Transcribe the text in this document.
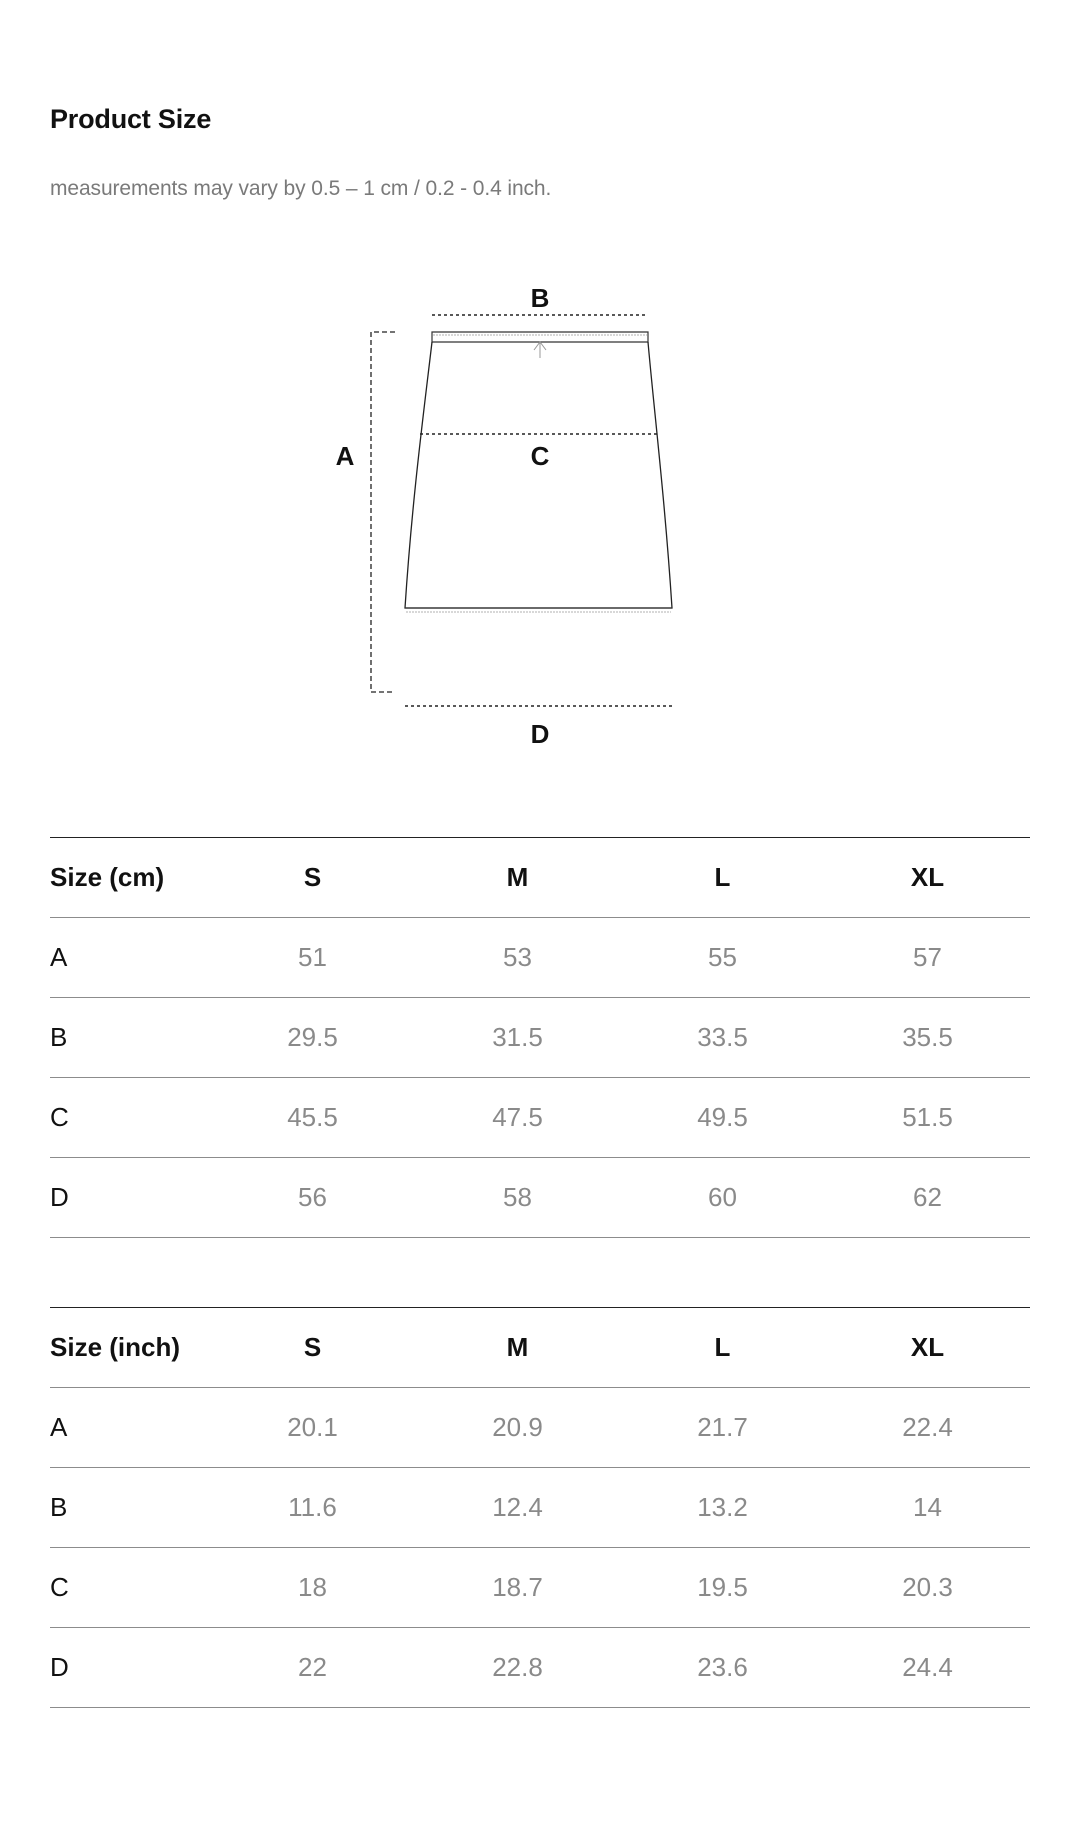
Product Size

measurements may vary by 0.5 – 1 cm / 0.2 - 0.4 inch.

B
C
A
D
Size (cm)	S	M	L	XL
A	51	53	55	57
B	29.5	31.5	33.5	35.5
C	45.5	47.5	49.5	51.5
D	56	58	60	62
Size (inch)	S	M	L	XL
A	20.1	20.9	21.7	22.4
B	11.6	12.4	13.2	14
C	18	18.7	19.5	20.3
D	22	22.8	23.6	24.4
